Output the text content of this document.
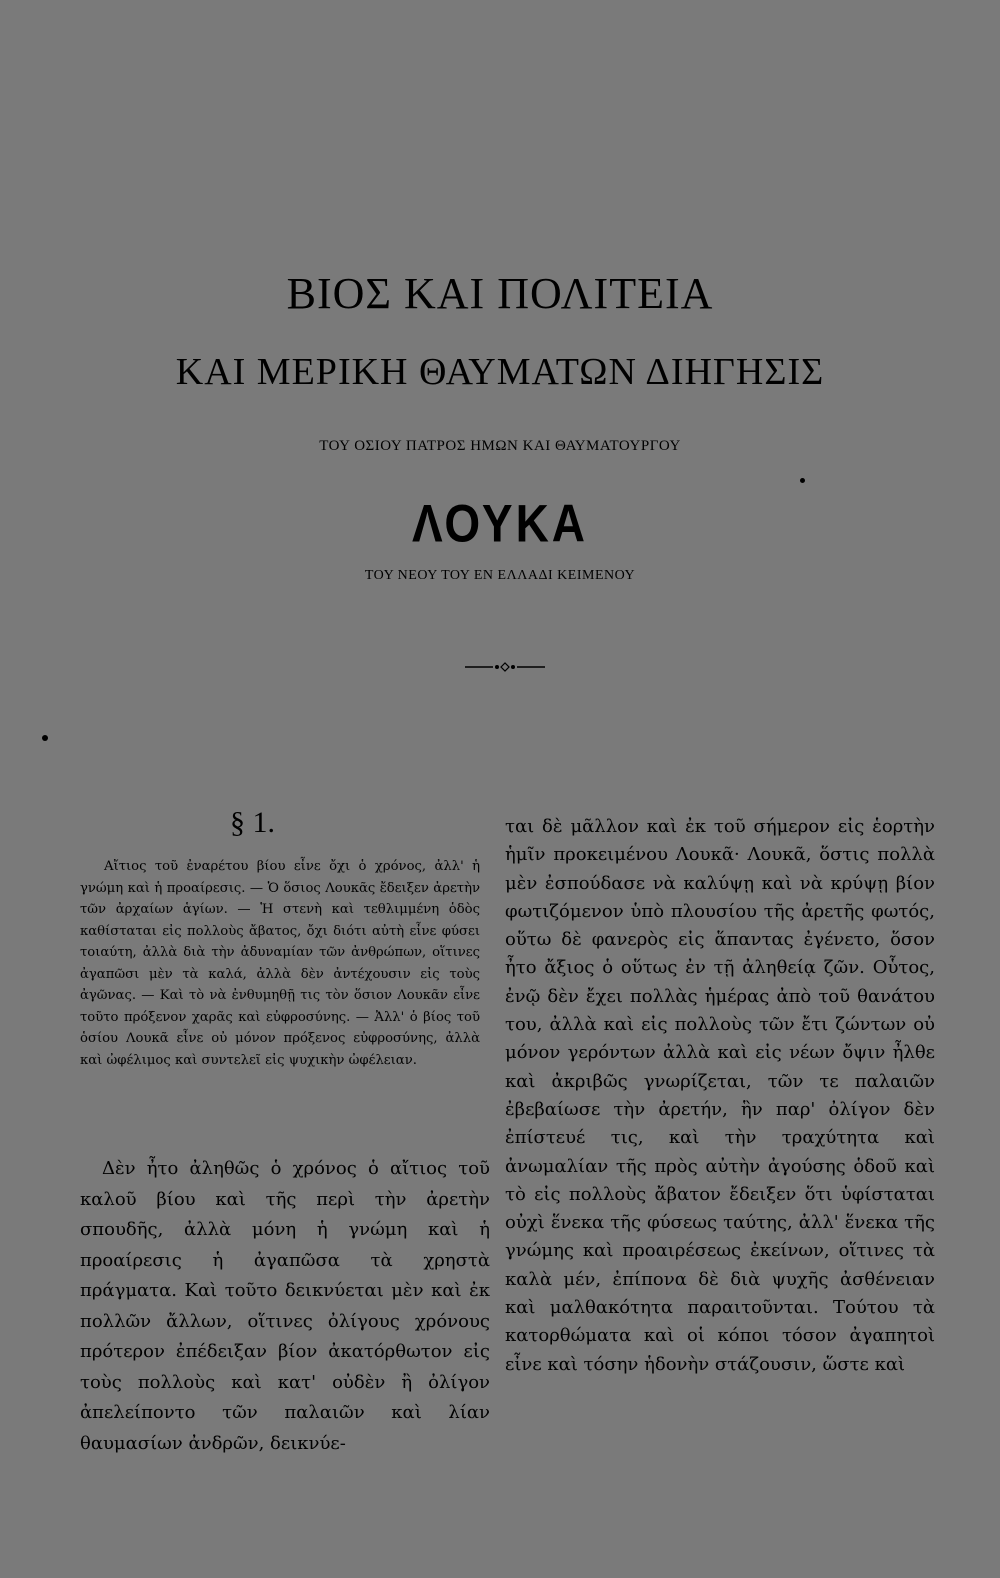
ΒΙΟΣ ΚΑΙ ΠΟΛΙΤΕΙΑ
ΚΑΙ ΜΕΡΙΚΗ ΘΑΥΜΑΤΩΝ ΔΙΗΓΗΣΙΣ
ΤΟΥ ΟΣΙΟΥ ΠΑΤΡΟΣ ΗΜΩΝ ΚΑΙ ΘΑΥΜΑΤΟΥΡΓΟΥ
ΛΟΥΚΑ
ΤΟΥ ΝΕΟΥ ΤΟΥ ΕΝ ΕΛΛΑΔΙ ΚΕΙΜΕΝΟΥ
§ 1.
Αἴτιος τοῦ ἐναρέτου βίου εἶνε ὄχι ὁ χρόνος, ἀλλ' ἡ γνώμη καὶ ἡ προαίρεσις. — Ὁ ὅσιος Λουκᾶς ἔδειξεν ἀρετὴν τῶν ἀρχαίων ἁγίων. — Ἡ στενὴ καὶ τεθλιμμένη ὁδὸς καθίσταται εἰς πολλοὺς ἄβατος, ὄχι διότι αὐτὴ εἶνε φύσει τοιαύτη, ἀλλὰ διὰ τὴν ἀδυναμίαν τῶν ἀνθρώπων, οἵτινες ἀγαπῶσι μὲν τὰ καλά, ἀλλὰ δὲν ἀντέχουσιν εἰς τοὺς ἀγῶνας. — Καὶ τὸ νὰ ἐνθυμηθῇ τις τὸν ὅσιον Λουκᾶν εἶνε τοῦτο πρόξενον χαρᾶς καὶ εὐφροσύνης. — Ἀλλ' ὁ βίος τοῦ ὁσίου Λουκᾶ εἶνε οὐ μόνον πρόξενος εὐφροσύνης, ἀλλὰ καὶ ὠφέλιμος καὶ συντελεῖ εἰς ψυχικὴν ὠφέλειαν.
Δὲν ἦτο ἀληθῶς ὁ χρόνος ὁ αἴτιος τοῦ καλοῦ βίου καὶ τῆς περὶ τὴν ἀρετὴν σπουδῆς, ἀλλὰ μόνη ἡ γνώμη καὶ ἡ προαίρεσις ἡ ἀγαπῶσα τὰ χρηστὰ πράγματα. Καὶ τοῦτο δεικνύεται μὲν καὶ ἐκ πολλῶν ἄλλων, οἵτινες ὀλίγους χρόνους πρότερον ἐπέδειξαν βίον ἀκατόρθωτον εἰς τοὺς πολλοὺς καὶ κατ' οὐδὲν ἢ ὀλίγον ἀπελείποντο τῶν παλαιῶν καὶ λίαν θαυμασίων ἀνδρῶν, δεικνύε-
ται δὲ μᾶλλον καὶ ἐκ τοῦ σήμερον εἰς ἑορτὴν ἡμῖν προκειμένου Λουκᾶ· Λουκᾶ, ὅστις πολλὰ μὲν ἐσπούδασε νὰ καλύψῃ καὶ νὰ κρύψῃ βίον φωτιζόμενον ὑπὸ πλουσίου τῆς ἀρετῆς φωτός, οὕτω δὲ φανερὸς εἰς ἅπαντας ἐγένετο, ὅσον ἦτο ἄξιος ὁ οὕτως ἐν τῇ ἀληθείᾳ ζῶν. Οὗτος, ἐνῷ δὲν ἔχει πολλὰς ἡμέρας ἀπὸ τοῦ θανάτου του, ἀλλὰ καὶ εἰς πολλοὺς τῶν ἔτι ζώντων οὐ μόνον γερόντων ἀλλὰ καὶ εἰς νέων ὄψιν ἦλθε καὶ ἀκριβῶς γνωρίζεται, τῶν τε παλαιῶν ἐβεβαίωσε τὴν ἀρετήν, ἣν παρ' ὀλίγον δὲν ἐπίστευέ τις, καὶ τὴν τραχύτητα καὶ ἀνωμαλίαν τῆς πρὸς αὐτὴν ἀγούσης ὁδοῦ καὶ τὸ εἰς πολλοὺς ἄβατον ἔδειξεν ὅτι ὑφίσταται οὐχὶ ἕνεκα τῆς φύσεως ταύτης, ἀλλ' ἕνεκα τῆς γνώμης καὶ προαιρέσεως ἐκείνων, οἵτινες τὰ καλὰ μέν, ἐπίπονα δὲ διὰ ψυχῆς ἀσθένειαν καὶ μαλθακότητα παραιτοῦνται. Τούτου τὰ κατορθώματα καὶ οἱ κόποι τόσον ἀγαπητοὶ εἶνε καὶ τόσην ἡδονὴν στάζουσιν, ὥστε καὶ
